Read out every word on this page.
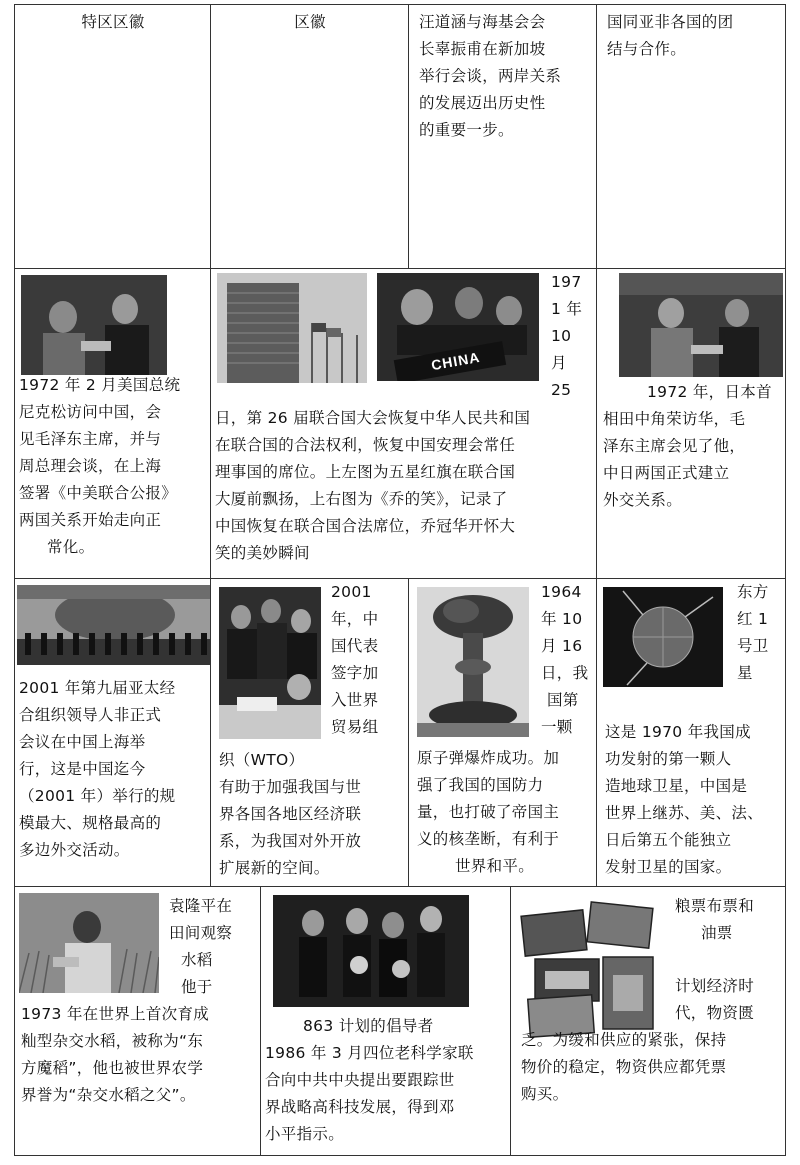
特区区徽	区徽	汪道涵与海基会会
长辜振甫在新加坡
举行会谈，两岸关系
的发展迈出历史性
的重要一步。
国同亚非各国的团
结与合作。
1972 年 2 月美国总统
尼克松访问中国，会
见毛泽东主席，并与
周总理会谈，在上海
签署《中美联合公报》
两国关系开始走向正
常化。
CHINA
197
1 年
10
月
25
日，第 26 届联合国大会恢复中华人民共和国
在联合国的合法权利，恢复中国安理会常任
理事国的席位。上左图为五星红旗在联合国
大厦前飘扬，上右图为《乔的笑》，记录了
中国恢复在联合国合法席位，乔冠华开怀大
笑的美妙瞬间
1972 年，日本首
相田中角荣访华，毛
泽东主席会见了他，
中日两国正式建立
外交关系。
2001 年第九届亚太经
合组织领导人非正式
会议在中国上海举
行，这是中国迄今
（2001 年）举行的规
模最大、规格最高的
多边外交活动。
2001
年，中
国代表
签字加
入世界
贸易组
织（WTO）
有助于加强我国与世
界各国各地区经济联
系，为我国对外开放
扩展新的空间。
1964
年 10
月 16
日，我
国第
一颗
原子弹爆炸成功。加
强了我国的国防力
量，也打破了帝国主
义的核垄断，有利于
世界和平。
东方
红 1
号卫
星
这是 1970 年我国成
功发射的第一颗人
造地球卫星，中国是
世界上继苏、美、法、
日后第五个能独立
发射卫星的国家。
袁隆平在
田间观察
水稻
他于
1973 年在世界上首次育成
籼型杂交水稻，被称为“东
方魔稻”，他也被世界农学
界誉为“杂交水稻之父”。
863 计划的倡导者
1986 年 3 月四位老科学家联
合向中共中央提出要跟踪世
界战略高科技发展，得到邓
小平指示。
粮票布票和
油票
计划经济时
代，物资匮
乏。为缓和供应的紧张，保持
物价的稳定，物资供应都凭票
购买。
